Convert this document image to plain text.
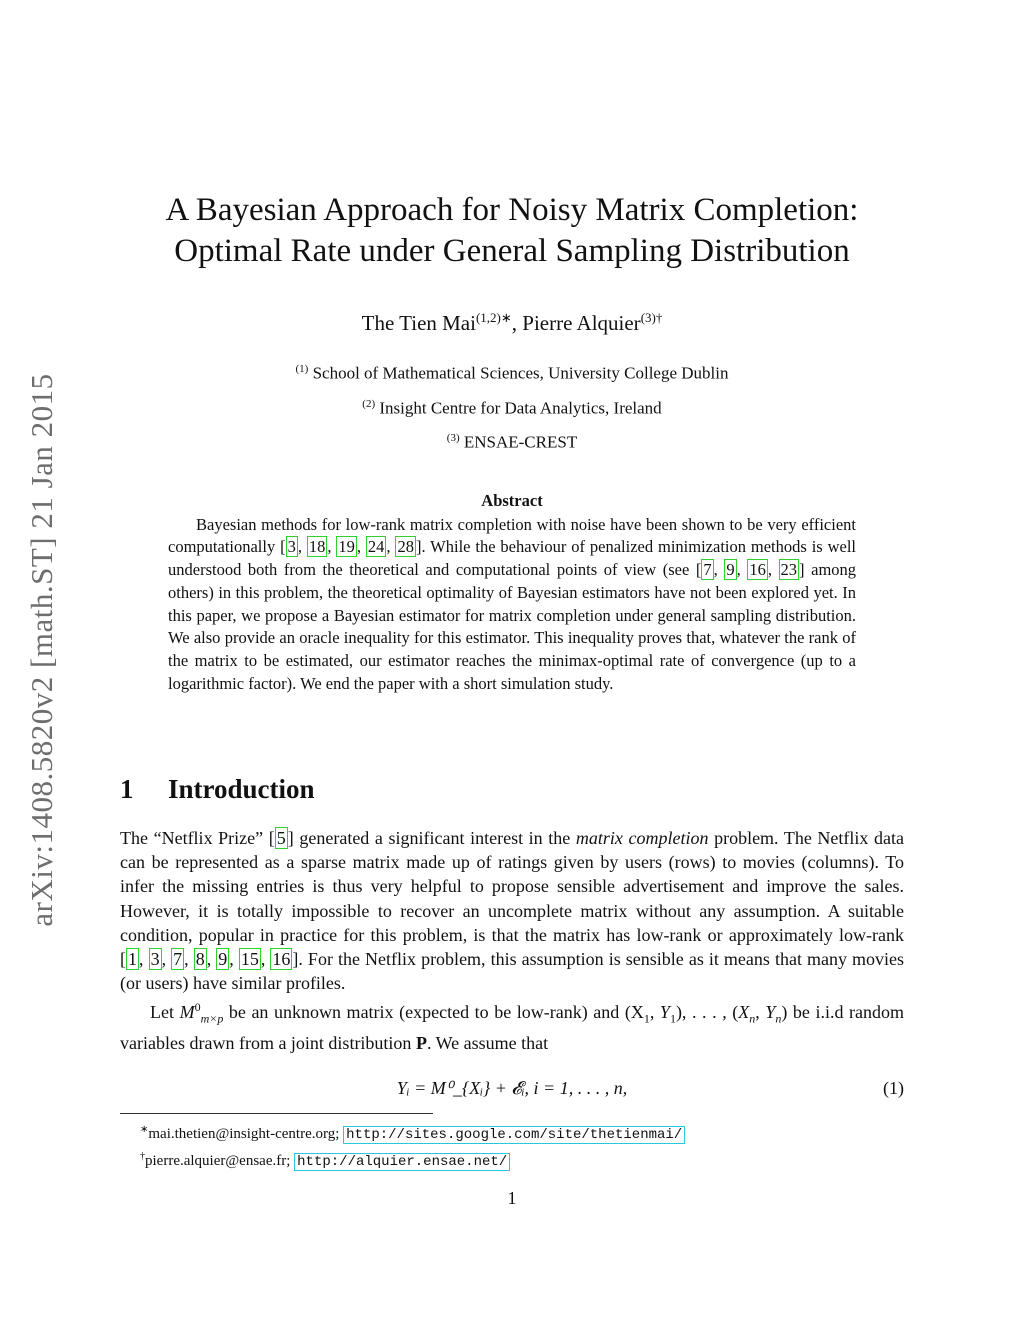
arXiv:1408.5820v2 [math.ST] 21 Jan 2015
A Bayesian Approach for Noisy Matrix Completion:
Optimal Rate under General Sampling Distribution
The Tien Mai$^{(1,2)∗}$, Pierre Alquier$^{(3)\dagger}$
$^{(1)}$ School of Mathematical Sciences, University College Dublin
$^{(2)}$ Insight Centre for Data Analytics, Ireland
$^{(3)}$ ENSAE-CREST
Abstract
Bayesian methods for low-rank matrix completion with noise have been shown to be very efficient computationally [ 3 , 18 , 19 , 24 , 28 ]. While the behaviour of penalized minimization methods is well understood both from the theoretical and computational points of view (see [ 7 , 9 , 16 , 23 ] among others) in this problem, the theoretical optimality of Bayesian estimators have not been explored yet. In this paper, we propose a Bayesian estimator for matrix completion under general sampling distribution. We also provide an oracle inequality for this estimator. This inequality proves that, whatever the rank of the matrix to be estimated, our estimator reaches the minimax-optimal rate of convergence (up to a logarithmic factor). We end the paper with a short simulation study.
1 Introduction

The “Netflix Prize” [ 5 ] generated a significant interest in the matrix completion problem. The Netflix data can be represented as a sparse matrix made up of ratings given by users (rows) to movies (columns). To infer the missing entries is thus very helpful to propose sensible advertisement and improve the sales. However, it is totally impossible to recover an uncomplete matrix without any assumption. A suitable condition, popular in practice for this problem, is that the matrix has low-rank or approximately low-rank [ 1 , 3 , 7 , 8 , 9 , 15 , 16 ]. For the Netflix problem, this assumption is sensible as it means that many movies (or users) have similar profiles.

Let $M^0_{m\times p}$ be an unknown matrix (expected to be low-rank) and ($X_1$, $Y_1$), . . . , ($X_n$, $Y_n$) be i.i.d random variables drawn from a joint distribution P. We assume that

Yᵢ = M⁰_{Xᵢ} + 𝓔ᵢ, i = 1, . . . , n,	(1)
∗mai.thetien@insight-centre.org; http://sites.google.com/site/thetienmai/
†pierre.alquier@ensae.fr; http://alquier.ensae.net/
1
